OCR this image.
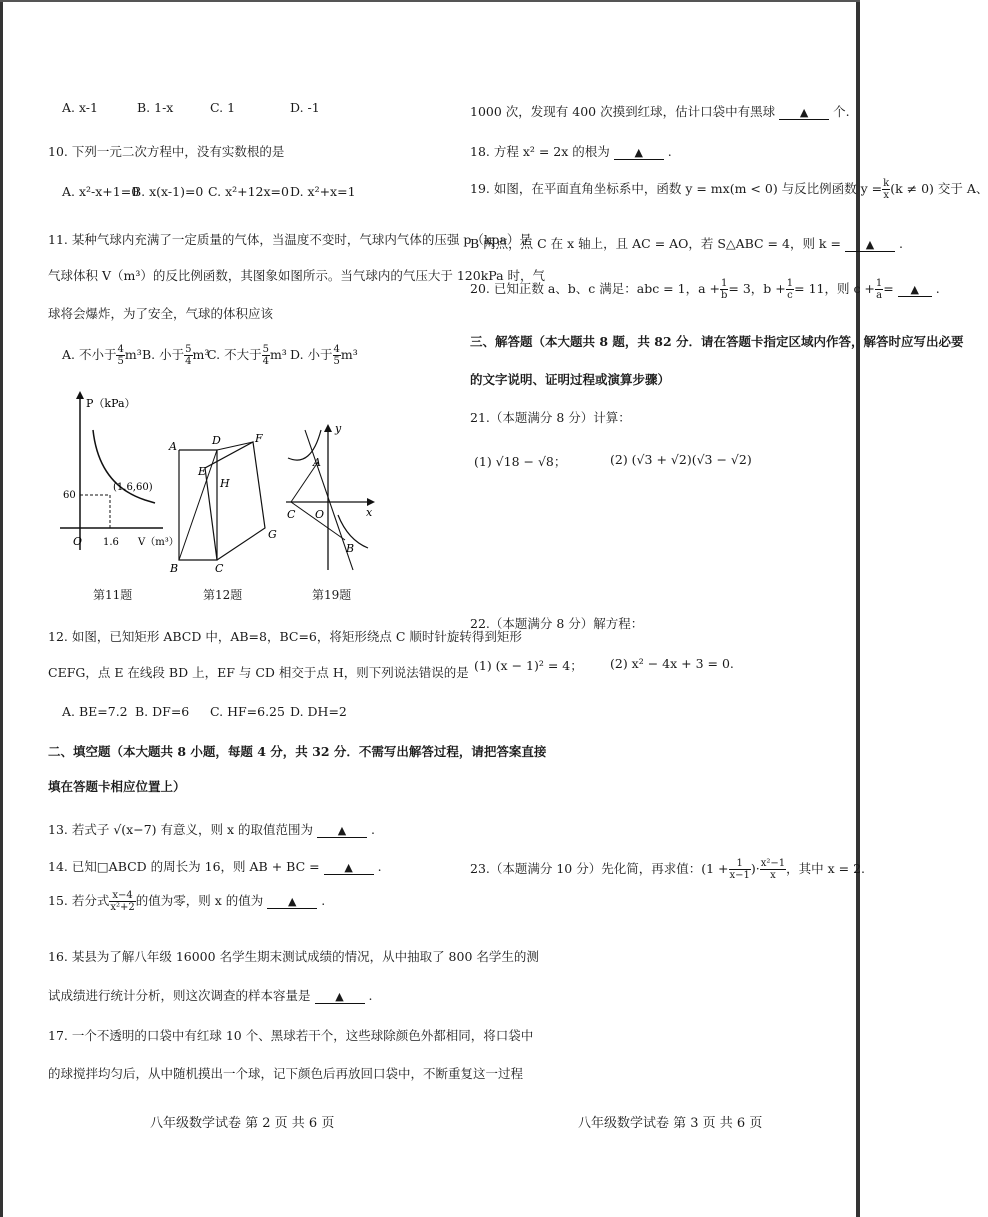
A. x-1	B. 1-x	C. 1	D. -1
10. 下列一元二次方程中，没有实数根的是
A. x²-x+1=0
B. x(x-1)=0 C. x²+12x=0 D. x²+x=1
11. 某种气球内充满了一定质量的气体，当温度不变时，气球内气体的压强 p（kpa）是
气球体积 V（m³）的反比例函数，其图象如图所示。当气球内的气压大于 120kPa 时，气
球将会爆炸，为了安全，气球的体积应该
A. 不小于 $\frac{4}{5} m^3$ B. 小于 $\frac{5}{4} m^3$
C. 不大于 $\frac{5}{4} m^3$ D. 小于 $\frac{4}{5} m^3$
P（kPa）
60
(1.6,60)
O 1.6 V（m³）
第11题
A	D	F
E
H
G
B	C
第12题
y
x
A
C O
B
第19题
12. 如图，已知矩形 ABCD 中，AB=8，BC=6，将矩形绕点 C 顺时针旋转得到矩形
CEFG，点 E 在线段 BD 上，EF 与 CD 相交于点 H，则下列说法错误的是
A. BE=7.2 B. DF=6 C. HF=6.25 D. DH=2
二、填空题（本大题共 8 小题，每题 4 分，共 32 分．不需写出解答过程，请把答案直接
填在答题卡相应位置上）
13. 若式子 √(x−7) 有意义，则 x 的取值范围为 ▲ .
14. 已知□ABCD 的周长为 16，则 AB + BC = ▲ .
15. 若分式 $\frac{x-4}{\text{x²+2}}$ 的值为零，则 x 的值为 ▲ .
16. 某县为了解八年级 16000 名学生期末测试成绩的情况，从中抽取了 800 名学生的测
试成绩进行统计分析，则这次调查的样本容量是 ▲ .
17. 一个不透明的口袋中有红球 10 个、黑球若干个，这些球除颜色外都相同，将口袋中
的球搅拌均匀后，从中随机摸出一个球，记下颜色后再放回口袋中，不断重复这一过程
八年级数学试卷 第 2 页 共 6 页
1000 次，发现有 400 次摸到红球，估计口袋中有黑球 ▲ 个.
18. 方程 x² = 2x 的根为 ▲ .
19. 如图，在平面直角坐标系中，函数 y = mx(m < 0) 与反比例函数 $y = \frac{k}{x} (k \ne 0)$ 交于 A、
B 两点，点 C 在 x 轴上，且 AC = AO，若 S△ABC = 4，则 k = ▲ .
20. 已知正数 a、b、c 满足：abc = 1，$a + \frac{1}{b} = 3$，$b + \frac{1}{c} = 11$，则 $c + \frac{1}{a}$ = ▲ .
三、解答题（本大题共 8 题，共 82 分．请在答题卡指定区域内作答，解答时应写出必要
的文字说明、证明过程或演算步骤）
21.（本题满分 8 分）计算：
(1) √18 − √8；	(2) (√3 + √2)(√3 − √2)
22.（本题满分 8 分）解方程：
(1) (x − 1)² = 4； (2) x² − 4x + 3 = 0.
23.（本题满分 10 分）先化简，再求值：($1 + \frac{1}{x-1}$ )· $\frac{\text{x²−1}}{x}$ ，其中 x = 2.
八年级数学试卷 第 3 页 共 6 页
